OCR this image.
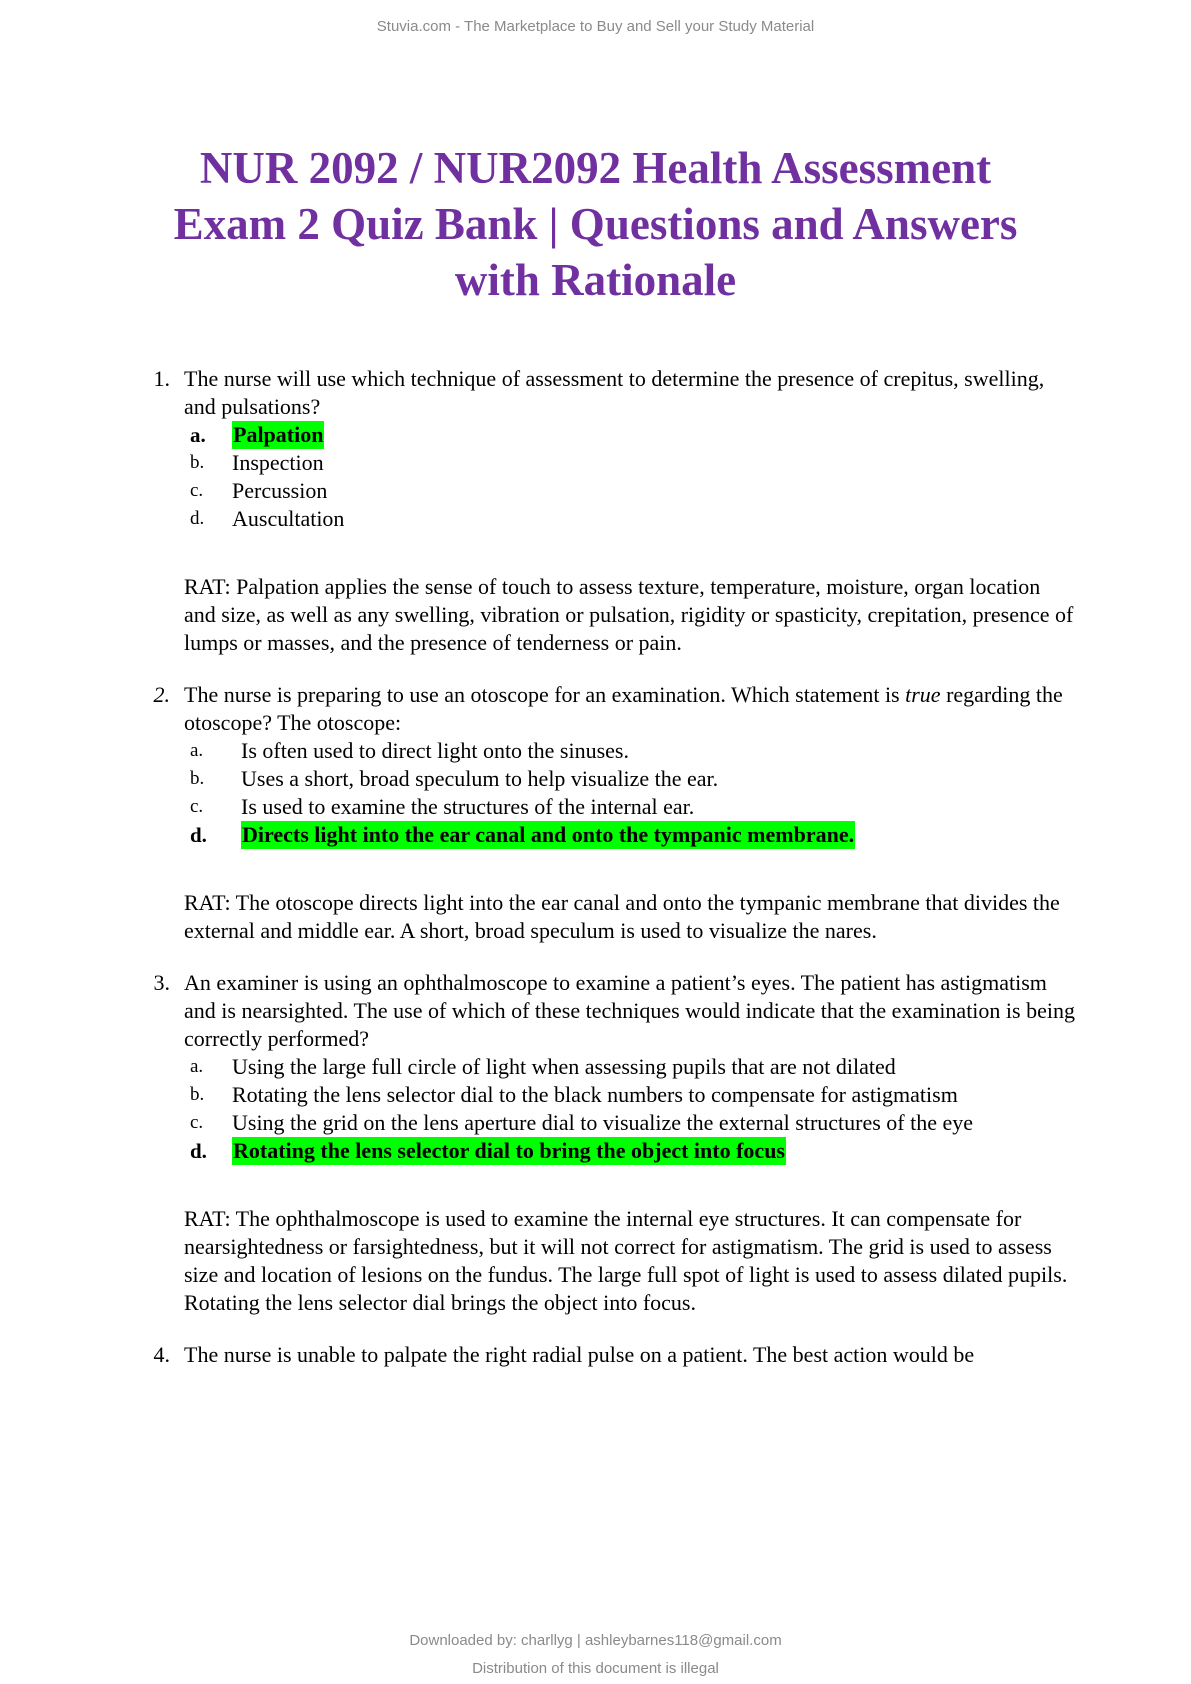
Stuvia.com - The Marketplace to Buy and Sell your Study Material
NUR 2092 / NUR2092 Health Assessment
Exam 2 Quiz Bank | Questions and Answers
with Rationale
1. The nurse will use which technique of assessment to determine the presence of crepitus, swelling, and pulsations?
a.	Palpation
b.	Inspection
c.	Percussion
d.	Auscultation
RAT: Palpation applies the sense of touch to assess texture, temperature, moisture, organ location and size, as well as any swelling, vibration or pulsation, rigidity or spasticity, crepitation, presence of lumps or masses, and the presence of tenderness or pain.
2. The nurse is preparing to use an otoscope for an examination. Which statement is true regarding the otoscope? The otoscope:
a.	Is often used to direct light onto the sinuses.
b.	Uses a short, broad speculum to help visualize the ear.
c.	Is used to examine the structures of the internal ear.
d.	Directs light into the ear canal and onto the tympanic membrane.
RAT: The otoscope directs light into the ear canal and onto the tympanic membrane that divides the external and middle ear. A short, broad speculum is used to visualize the nares.
3. An examiner is using an ophthalmoscope to examine a patient’s eyes. The patient has astigmatism and is nearsighted. The use of which of these techniques would indicate that the examination is being correctly performed?
a.	Using the large full circle of light when assessing pupils that are not dilated
b.	Rotating the lens selector dial to the black numbers to compensate for astigmatism
c.	Using the grid on the lens aperture dial to visualize the external structures of the eye
d.	Rotating the lens selector dial to bring the object into focus
RAT: The ophthalmoscope is used to examine the internal eye structures. It can compensate for nearsightedness or farsightedness, but it will not correct for astigmatism. The grid is used to assess size and location of lesions on the fundus. The large full spot of light is used to assess dilated pupils. Rotating the lens selector dial brings the object into focus.
4. The nurse is unable to palpate the right radial pulse on a patient. The best action would be
Downloaded by: charllyg | ashleybarnes118@gmail.com
Distribution of this document is illegal
